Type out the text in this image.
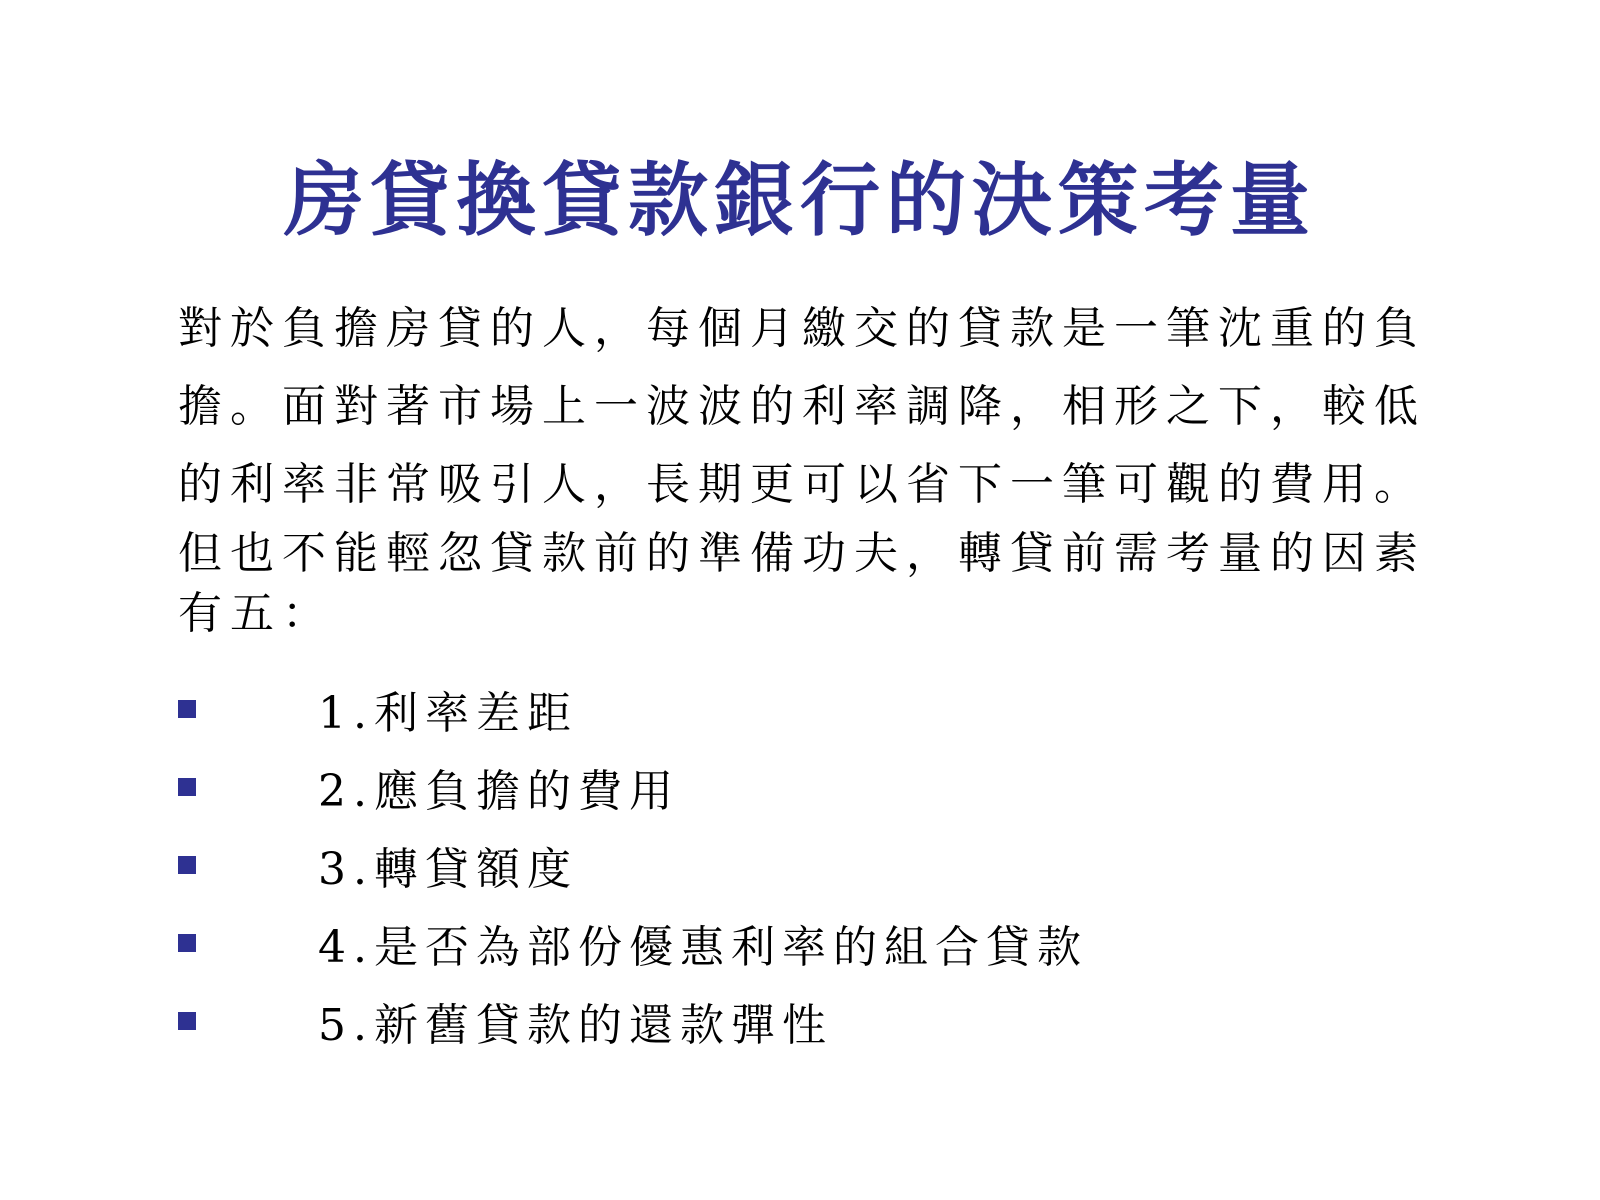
房貸換貸款銀行的決策考量
對於負擔房貸的人，每個月繳交的貸款是一筆沈重的負
擔。面對著市場上一波波的利率調降，相形之下，較低
的利率非常吸引人，長期更可以省下一筆可觀的費用。
但也不能輕忽貸款前的準備功夫，轉貸前需考量的因素
有五：
1.利率差距
2.應負擔的費用
3.轉貸額度
4.是否為部份優惠利率的組合貸款
5.新舊貸款的還款彈性
